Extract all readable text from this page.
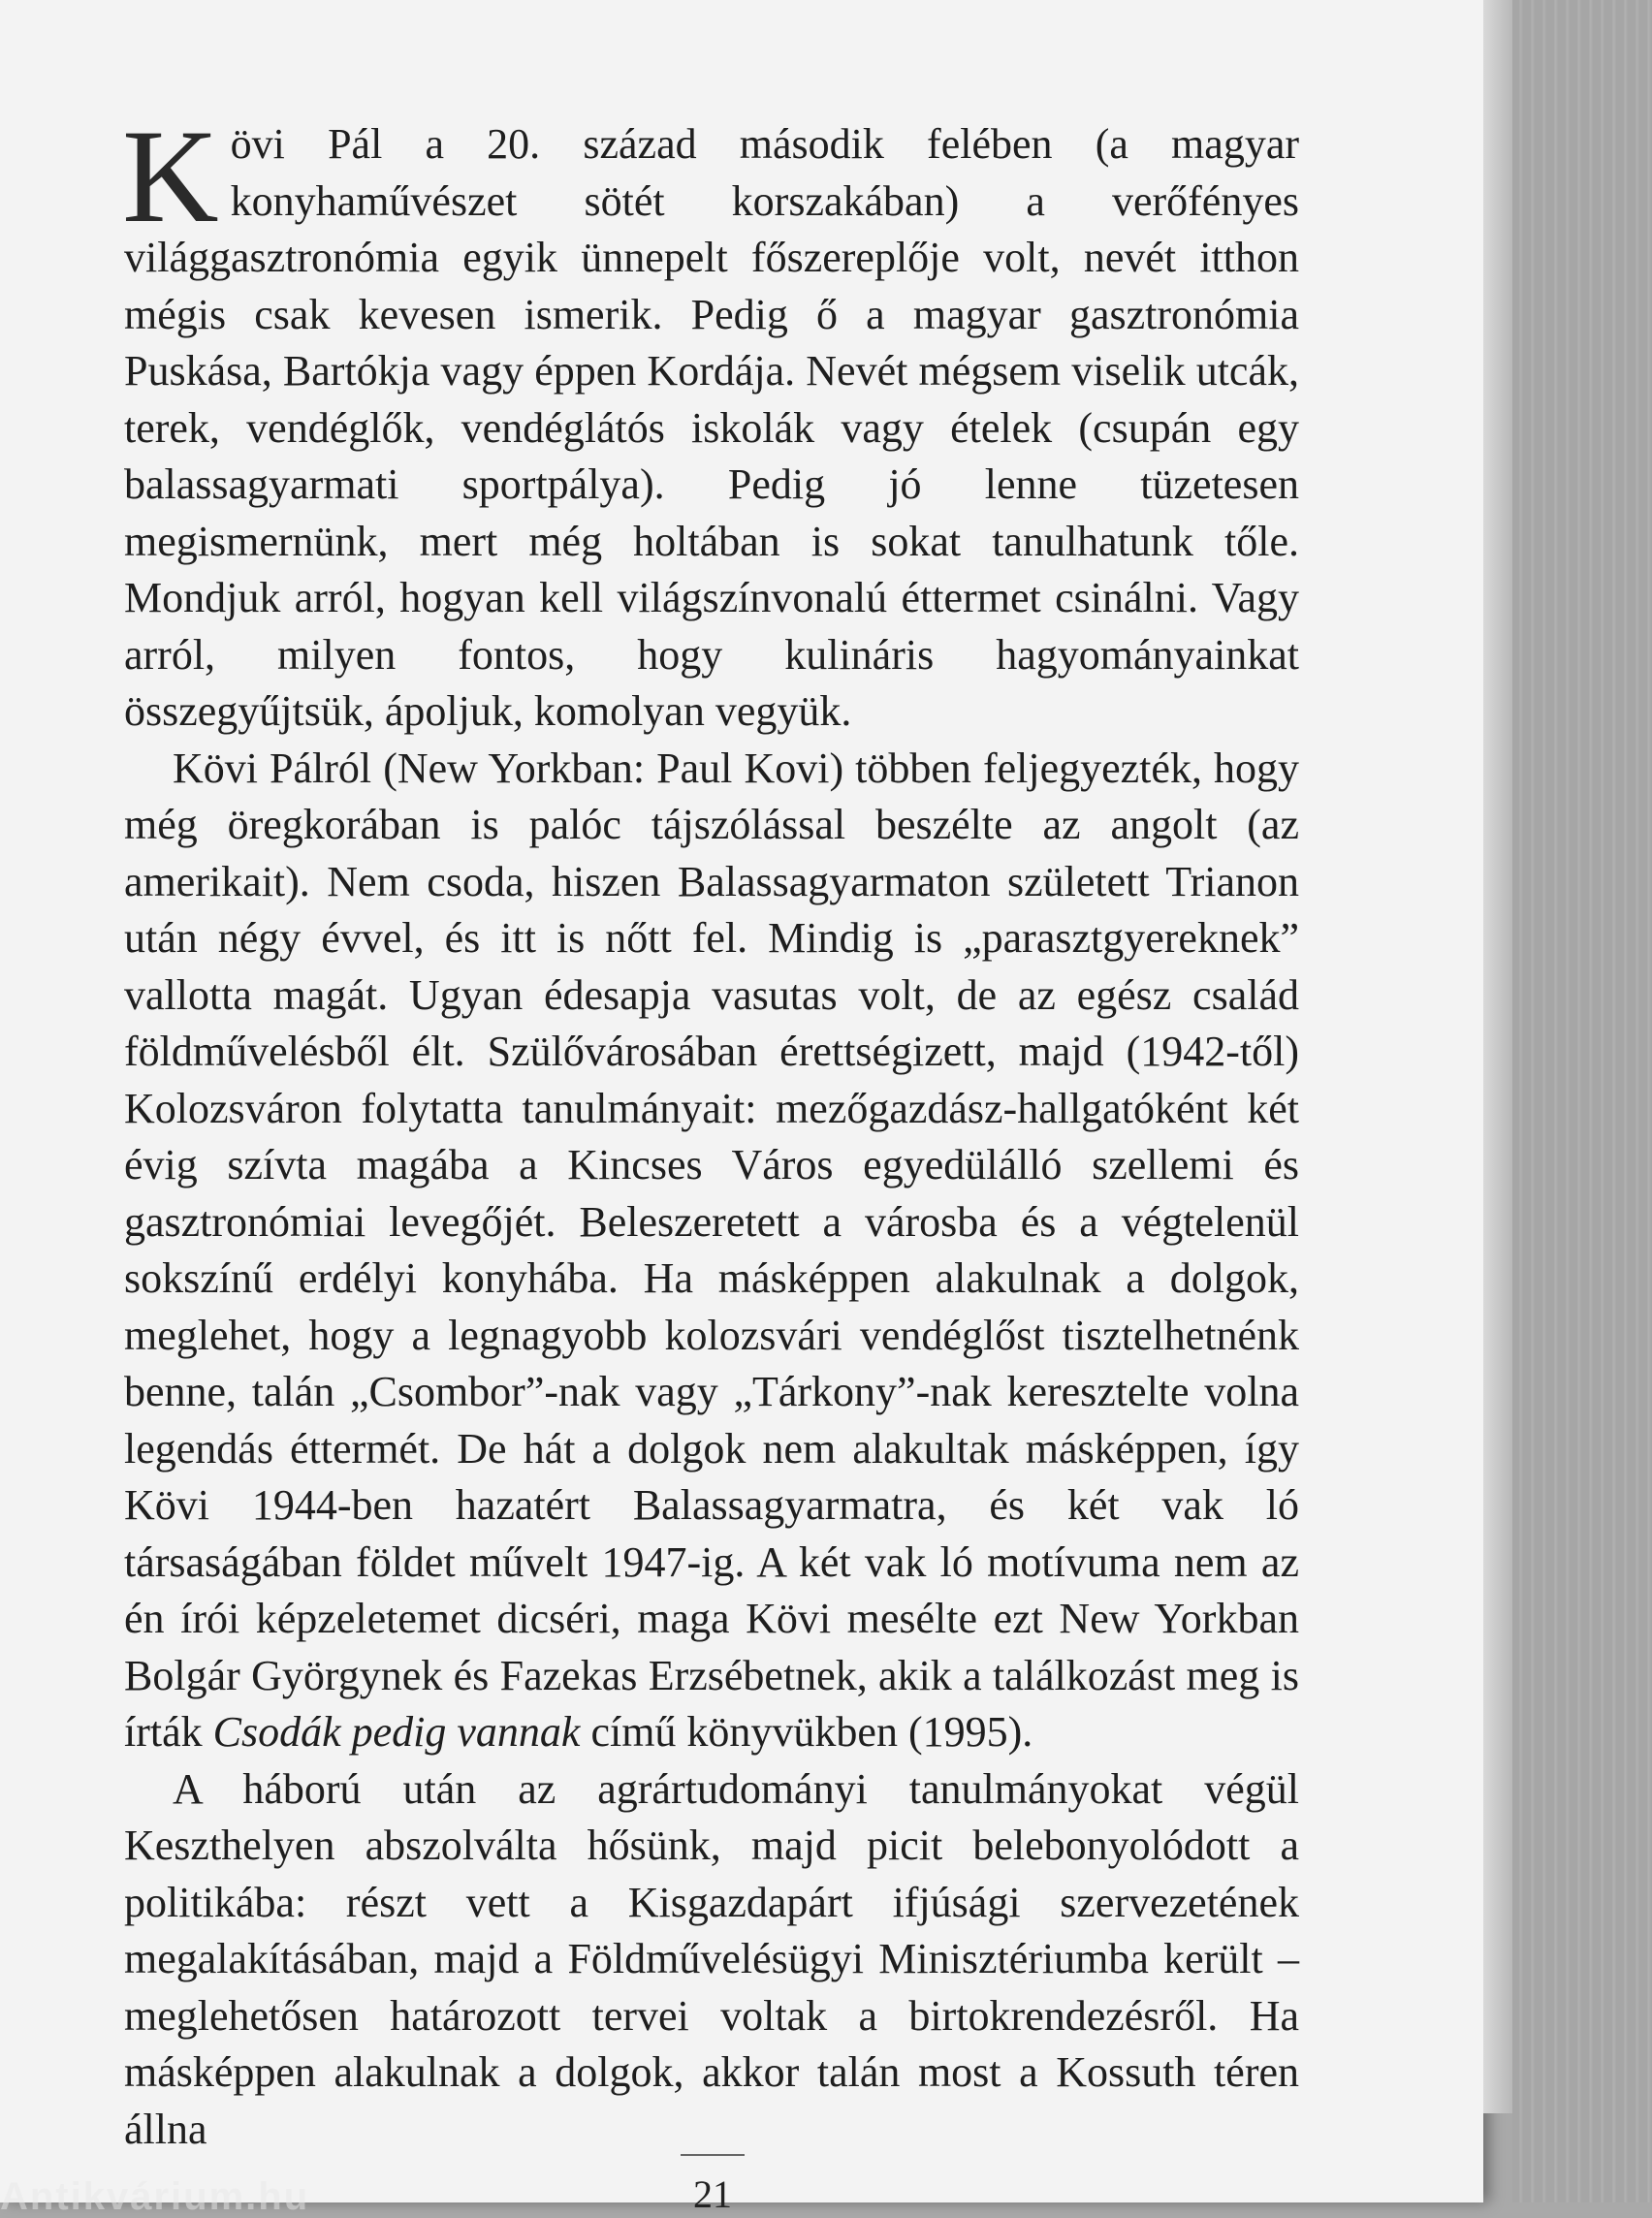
Kövi Pál a 20. század második felében (a magyar konyhaművészet sötét korszakában) a verőfényes világgasztronómia egyik ünnepelt főszereplője volt, nevét itthon mégis csak kevesen ismerik. Pedig ő a magyar gasztronómia Puskása, Bartókja vagy éppen Kordája. Nevét mégsem viselik utcák, terek, vendéglők, vendéglátós iskolák vagy ételek (csupán egy balassagyarmati sportpálya). Pedig jó lenne tüzetesen megismernünk, mert még holtában is sokat tanulhatunk tőle. Mondjuk arról, hogyan kell világszínvonalú éttermet csinálni. Vagy arról, milyen fontos, hogy kulináris hagyományainkat összegyűjtsük, ápoljuk, komolyan vegyük.

Kövi Pálról (New Yorkban: Paul Kovi) többen feljegyezték, hogy még öregkorában is palóc tájszólással beszélte az angolt (az amerikait). Nem csoda, hiszen Balassagyarmaton született Trianon után négy évvel, és itt is nőtt fel. Mindig is „parasztgyereknek” vallotta magát. Ugyan édesapja vasutas volt, de az egész család földművelésből élt. Szülővárosában érettségizett, majd (1942-től) Kolozsváron folytatta tanulmányait: mezőgazdász-hallgatóként két évig szívta magába a Kincses Város egyedülálló szellemi és gasztronómiai levegőjét. Beleszeretett a városba és a végtelenül sokszínű erdélyi konyhába. Ha másképpen alakulnak a dolgok, meglehet, hogy a legnagyobb kolozsvári vendéglőst tisztelhetnénk benne, talán „Csombor”-nak vagy „Tárkony”-nak keresztelte volna legendás éttermét. De hát a dolgok nem alakultak másképpen, így Kövi 1944-ben hazatért Balassagyarmatra, és két vak ló társaságában földet művelt 1947-ig. A két vak ló motívuma nem az én írói képzeletemet dicséri, maga Kövi mesélte ezt New Yorkban Bolgár Györgynek és Fazekas Erzsébetnek, akik a találkozást meg is írták Csodák pedig vannak című könyvükben (1995).

A háború után az agrártudományi tanulmányokat végül Keszthelyen abszolválta hősünk, majd picit belebonyolódott a politikába: részt vett a Kisgazdapárt ifjúsági szervezetének megalakításában, majd a Földművelésügyi Minisztériumba került – meglehetősen határozott tervei voltak a birtokrendezésről. Ha másképpen alakulnak a dolgok, akkor talán most a Kossuth téren állna

21
Antikvárium.hu
